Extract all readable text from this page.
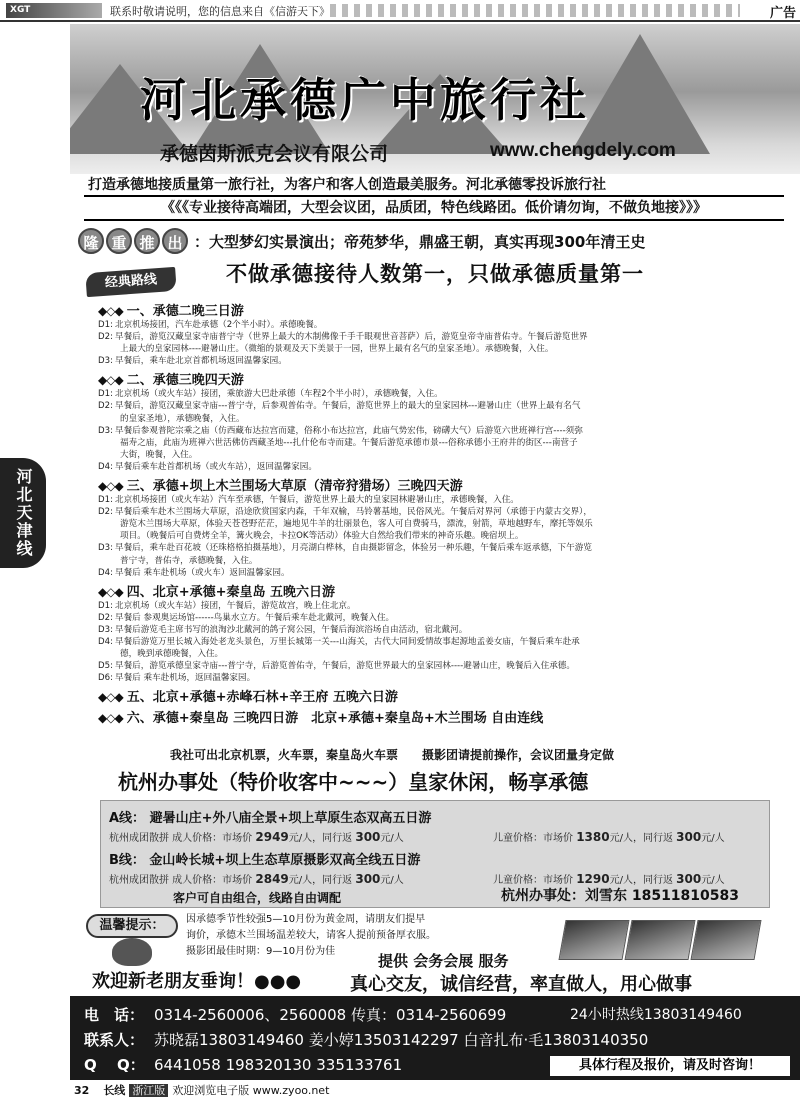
XGT	联系时敬请说明，您的信息来自《信游天下》	广告
河北承德广中旅行社
承德茵斯派克会议有限公司	www.chengdely.com
打造承德地接质量第一旅行社，为客户和客人创造最美服务。河北承德零投诉旅行社
《《《专业接待高端团，大型会议团，品质团，特色线路团。低价请勿询，不做负地接》》》
隆 重 推 出 ：大型梦幻实景演出；帝苑梦华，鼎盛王朝，真实再现300年清王史
经典路线	不做承德接待人数第一，只做承德质量第一
河北天津线
◆◇◆ 一、承德二晚三日游
D1: 北京机场接团，汽车赴承德（2个半小时）。承德晚餐。
D2: 早餐后，游览汉藏皇家寺庙普宁寺（世界上最大的木制佛像千手千眼观世音菩萨）后，游览皇帝寺庙普佑寺。午餐后游览世界
上最大的皇家园林----避暑山庄。（微缩的景观及天下美景于一园，世界上最有名气的皇家圣地）。承德晚餐，入住。
D3: 早餐后，乘车赴北京首都机场返回温馨家园。
◆◇◆ 二、承德三晚四天游
D1: 北京机场（或火车站）接团，乘旅游大巴赴承德（车程2个半小时），承德晚餐，入住。
D2: 早餐后，游览汉藏皇家寺庙---普宁寺，后参观普佑寺。午餐后，游览世界上的最大的皇家园林---避暑山庄（世界上最有名气
的皇家圣地），承德晚餐，入住。
D3: 早餐后参观普陀宗乘之庙（仿西藏布达拉宫而建，俗称小布达拉宫，此庙气势宏伟，磅礴大气）后游览六世班禅行宫----须弥
福寿之庙，此庙为班禅六世活佛仿西藏圣地---扎什伦布寺而建。午餐后游览承德市景---俗称承德小王府井的街区---南营子
大街，晚餐，入住。
D4: 早餐后乘车赴首都机场（或火车站），返回温馨家园。
◆◇◆ 三、承德+坝上木兰围场大草原（清帝狩猎场）三晚四天游
D1: 北京机场接团（或火车站）汽车至承德，午餐后，游览世界上最大的皇家园林避暑山庄，承德晚餐，入住。
D2: 早餐后乘车赴木兰围场大草原，沿途欣赏国家内森，千年双榆，马铃薯基地，民俗风光。午餐后对界河（承德于内蒙古交界），
游览木兰围场大草原，体验天苍苍野茫茫，遍地见牛羊的壮丽景色，客人可自费骑马，漂流，射箭，草地越野车，摩托等娱乐
项目。（晚餐后可自费烤全羊，篝火晚会，卡拉OK等活动）体验大自然给我们带来的神奇乐趣。晚宿坝上。
D3: 早餐后，乘车赴百花坡（还珠格格拍摄基地），月亮湖白桦林，自由摄影留念，体验另一种乐趣，午餐后乘车返承德，下午游览
普宁寺，普佑寺，承德晚餐，入住。
D4: 早餐后 乘车赴机场（或火车）返回温馨家园。
◆◇◆ 四、北京+承德+秦皇岛 五晚六日游
D1: 北京机场（或火车站）接团，午餐后，游览故宫，晚上住北京。
D2: 早餐后 参观奥运场馆------鸟巢水立方。午餐后乘车赴北戴河，晚餐入住。
D3: 早餐后游览毛主席书写的浪淘沙北戴河的鸽子窝公园，午餐后海滨浴场自由活动，宿北戴河。
D4: 早餐后游览万里长城入海处老龙头景色，万里长城第一关---山海关，古代大同间爱情故事起源地孟姜女庙，午餐后乘车赴承
德，晚到承德晚餐，入住。
D5: 早餐后，游览承德皇家寺庙---普宁寺，后游览普佑寺，午餐后，游览世界最大的皇家园林----避暑山庄，晚餐后入住承德。
D6: 早餐后 乘车赴机场，返回温馨家园。
◆◇◆ 五、北京+承德+赤峰石林+辛王府 五晚六日游
◆◇◆ 六、承德+秦皇岛 三晚四日游　北京+承德+秦皇岛+木兰围场 自由连线
我社可出北京机票，火车票，秦皇岛火车票　　摄影团请提前操作，会议团量身定做
杭州办事处（特价收客中~~~）皇家休闲，畅享承德
A线： 避暑山庄+外八庙全景+坝上草原生态双高五日游
杭州成团散拼 成人价格：市场价 2949元/人，同行返 300元/人	儿童价格：市场价 1380元/人，同行返 300元/人
B线： 金山岭长城+坝上生态草原摄影双高全线五日游
杭州成团散拼 成人价格：市场价 2849元/人，同行返 300元/人	儿童价格：市场价 1290元/人，同行返 300元/人
客户可自由组合，线路自由调配	杭州办事处：刘雪东 18511810583
温馨提示：	因承德季节性较强5—10月份为黄金周，请朋友们提早
询价，承德木兰围场温差较大，请客人提前预备厚衣服。
摄影团最佳时期：9—10月份为佳
提供 会务会展 服务
欢迎新老朋友垂询！●●●	真心交友，诚信经营，率直做人，用心做事
电　话： 0314-2560006、2560008 传真：0314-2560699	24小时热线13803149460
联系人： 苏晓磊13803149460 姜小婷13503142297 白音扎布·毛13803140350
Q　 Q： 6441058 198320130 335133761	具体行程及报价，请及时咨询！
32 长线 浙江版 欢迎浏览电子版 www.zyoo.net
